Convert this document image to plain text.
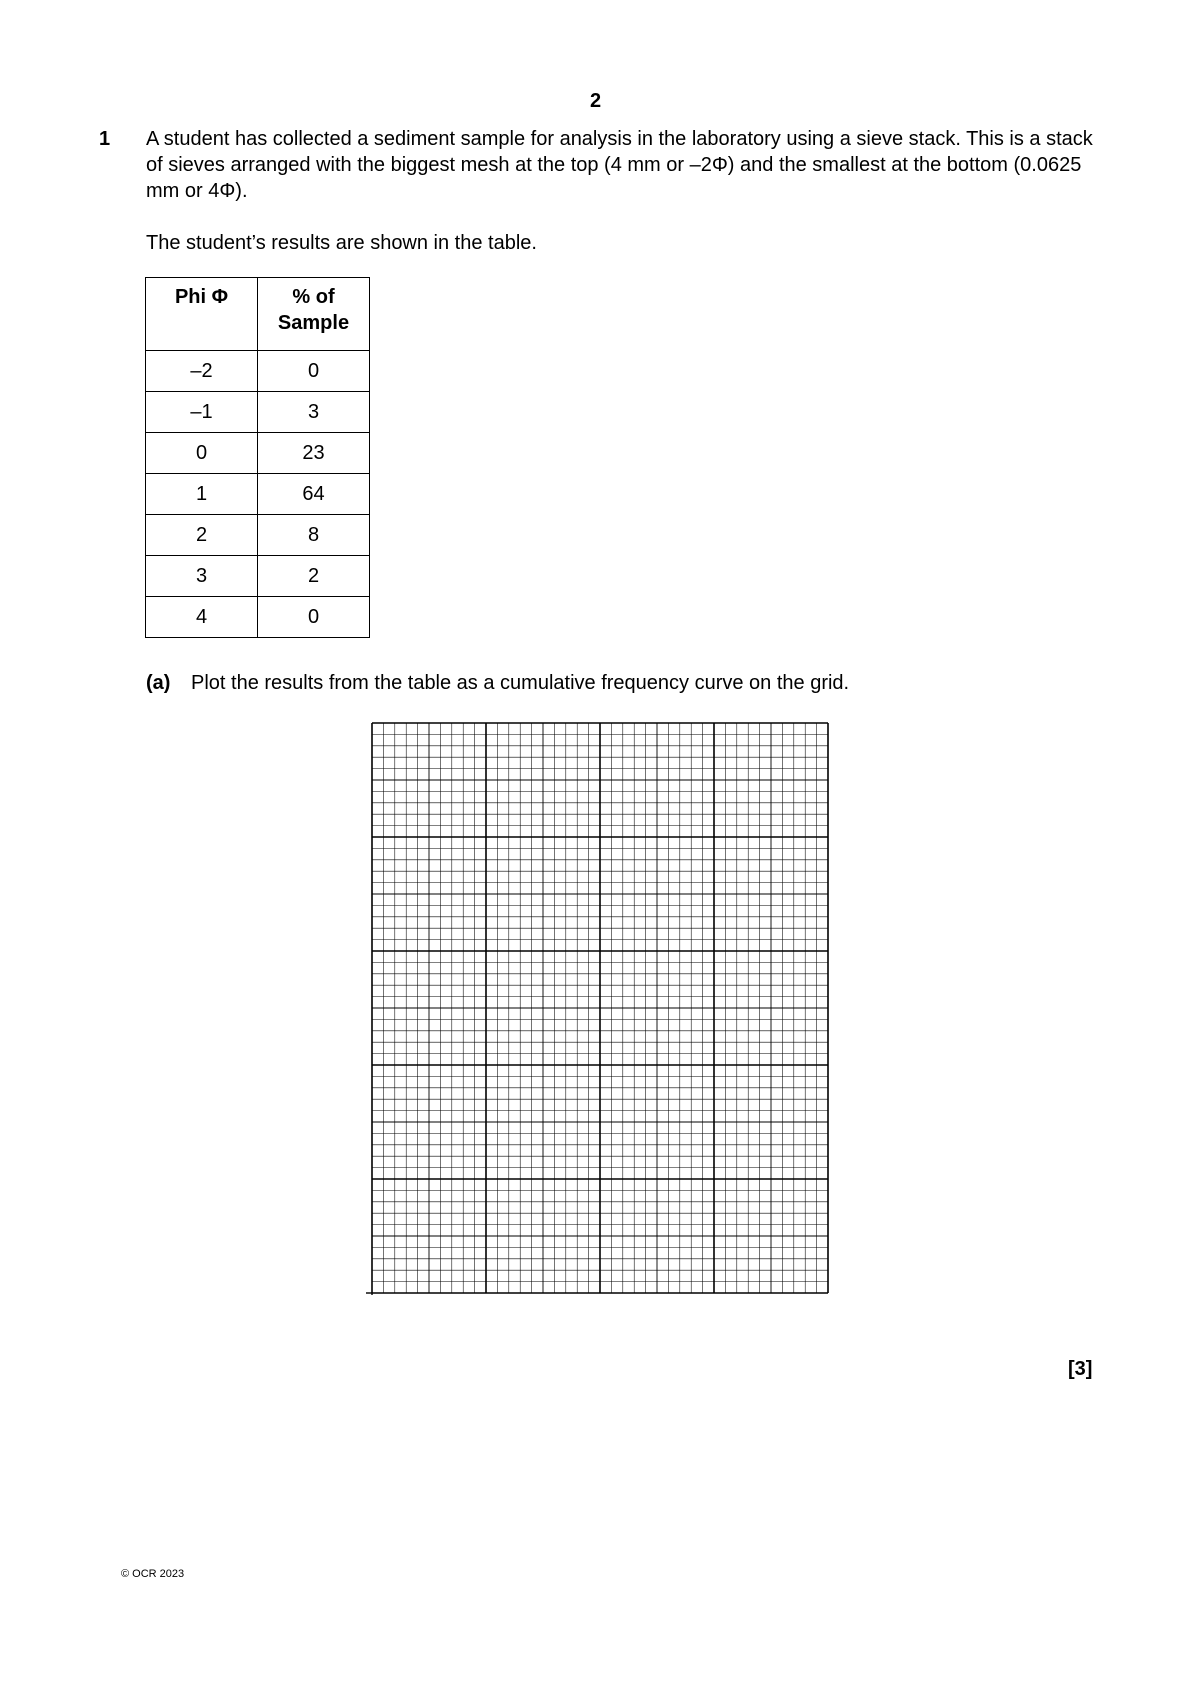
2
1 A student has collected a sediment sample for analysis in the laboratory using a sieve stack. This is a stack of sieves arranged with the biggest mesh at the top (4 mm or –2Φ) and the smallest at the bottom (0.0625 mm or 4Φ).
The student’s results are shown in the table.
Phi Φ	% of Sample
–2	0
–1	3
0	23
1	64
2	8
3	2
4	0
(a) Plot the results from the table as a cumulative frequency curve on the grid.
[3]
© OCR 2023
